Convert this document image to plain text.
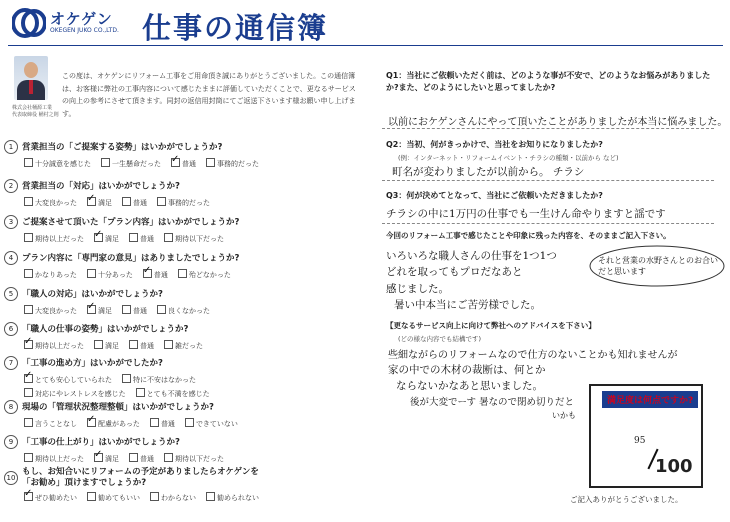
オケゲン
OKEGEN JUKO CO.,LTD. 仕事の通信簿
株式会社桶源工業
代表取締役 桶村之則
この度は、オケゲンにリフォーム工事をご用命頂き誠にありがとうございました。この通信簿は、お客様に弊社の工事内容について感じたままに評価していただくことで、更なるサービスの向上の参考にさせて頂きます。同封の返信用封筒にてご返送下さいます様お願い申し上げます。
1 営業担当の「ご提案する姿勢」はいかがでしょうか?
十分誠意を感じた	一生懸命だった ✓	普通	事務的だった
2 営業担当の「対応」はいかがでしょうか?
大変良かった ✓	満足	普通	事務的だった
3 ご提案させて頂いた「プラン内容」はいかがでしょうか?
期待以上だった ✓	満足	普通	期待以下だった
4 プラン内容に「専門家の意見」はありましたでしょうか?
かなりあった	十分あった ✓	普通	殆どなかった
5 「職人の対応」はいかがでしょうか?
大変良かった ✓	満足	普通	良くなかった
6 「職人の仕事の姿勢」はいかがでしょうか?
✓期待以上だった	満足	普通	雑だった
7 「工事の進め方」はいかがでしたか?
✓とても安心していられた	特に不安はなかった
対応にやレストレスを感じた	とても不満を感じた
8 現場の「管理状況整理整頓」はいかがでしょうか?
言うことなし ✓	配慮があった	普通	できていない
9 「工事の仕上がり」はいかがでしょうか?
期待以上だった ✓	満足	普通	期待以下だった
10もし、お知合いにリフォームの予定がありましたらオケゲンを「お勧め」頂けますでしょうか?
✓ぜひ勧めたい	勧めてもいい	わからない	勧められない
Q1：当社にご依頼いただく前は、どのような事が不安で、どのようなお悩みがありましたか?また、どのようにしたいと思ってましたか?
以前におケゲンさんにやって頂いたことがありましたが本当に悩みました。
Q2：当初、何がきっかけで、当社をお知りになりましたか?
(例：インターネット・リフォームイベント・チラシの種類・以前から など)
町名が変わりましたが以前から。 チラシ
Q3：何が決めてとなって、当社にご依頼いただきましたか?
チラシの中に1万円の仕事でも一生けん命やりますと謡です
今回のリフォーム工事で感じたことや印象に残った内容を、そのままご記入下さい。
いろいろな職人さんの仕事を1つ1つ
どれを取ってもプロだなあと
感じました。
暑い中本当にご苦労様でした。
それと営業の水野さんとのお合いだと思います
【更なるサービス向上に向けて弊社へのアドバイスを下さい】
(どの様な内容でも結構です)
些細ながらのリフォームなので仕方のないことかも知れませんが
家の中での木材の裁断は、何とか
ならないかなあと思いました。
後が大変でーす 暑なので閉め切りだと
いかも
満足度は何点ですか?
95
100
ご記入ありがとうございました。
